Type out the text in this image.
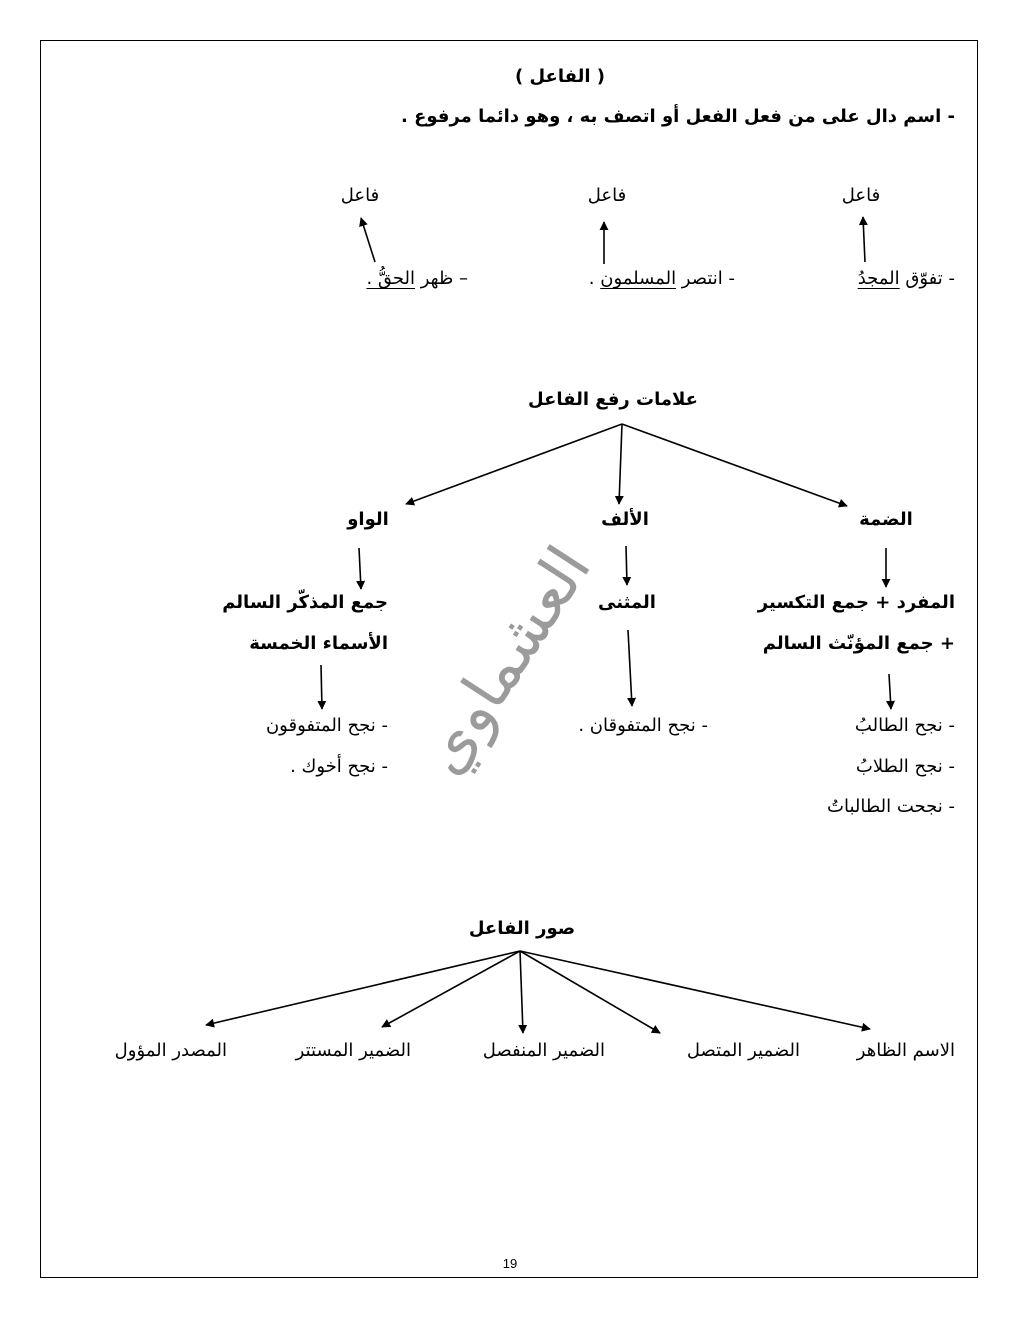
( الفاعل )
- اسم دال على من فعل الفعل أو اتصف به ، وهو دائما مرفوع .
فاعل
فاعل
فاعل
- تفوّق المجدُ
- انتصر المسلمون .
– ظهر الحقُّ .
علامات رفع الفاعل
الضمة
الألف
الواو
المفرد + جمع التكسير
+ جمع المؤنّث السالم
المثنى
جمع المذكّر السالم
الأسماء الخمسة
- نجح الطالبُ
- نجح الطلابُ
- نجحت الطالباتُ
- نجح المتفوقان .
- نجح المتفوقون
- نجح أخوك .
صور الفاعل
الاسم الظاهر
الضمير المتصل
الضمير المنفصل
الضمير المستتر
المصدر المؤول
العشماوي
19
